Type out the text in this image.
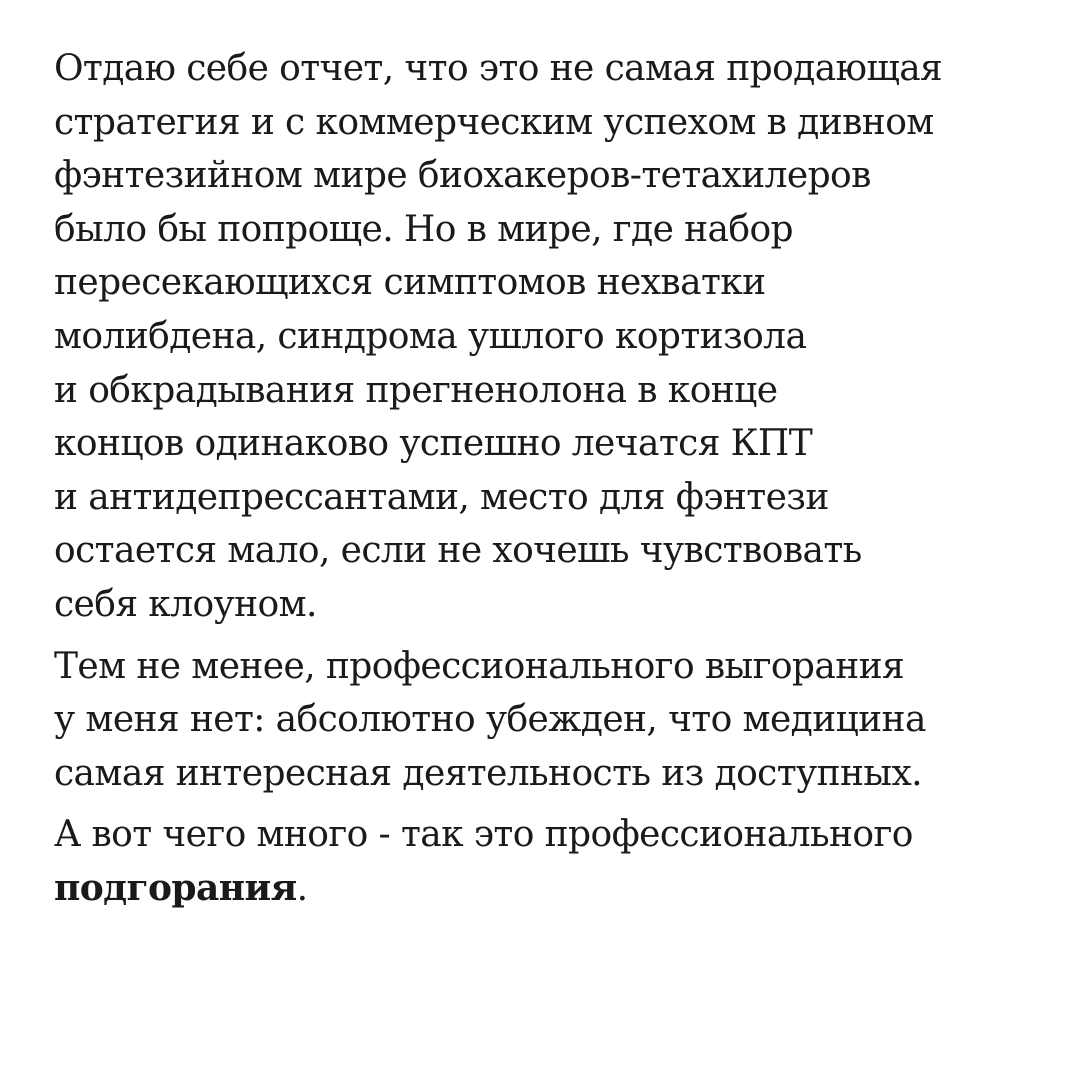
Отдаю себе отчет, что это не самая продающая
стратегия и с коммерческим успехом в дивном
фэнтезийном мире биохакеров-тетахилеров
было бы попроще. Но в мире, где набор
пересекающихся симптомов нехватки
молибдена, синдрома ушлого кортизола
и обкрадывания прегненолона в конце
концов одинаково успешно лечатся КПТ
и антидепрессантами, место для фэнтези
остается мало, если не хочешь чувствовать
себя клоуном.

Тем не менее, профессионального выгорания
у меня нет: абсолютно убежден, что медицина
самая интересная деятельность из доступных.

А вот чего много - так это профессионального
подгорания.
